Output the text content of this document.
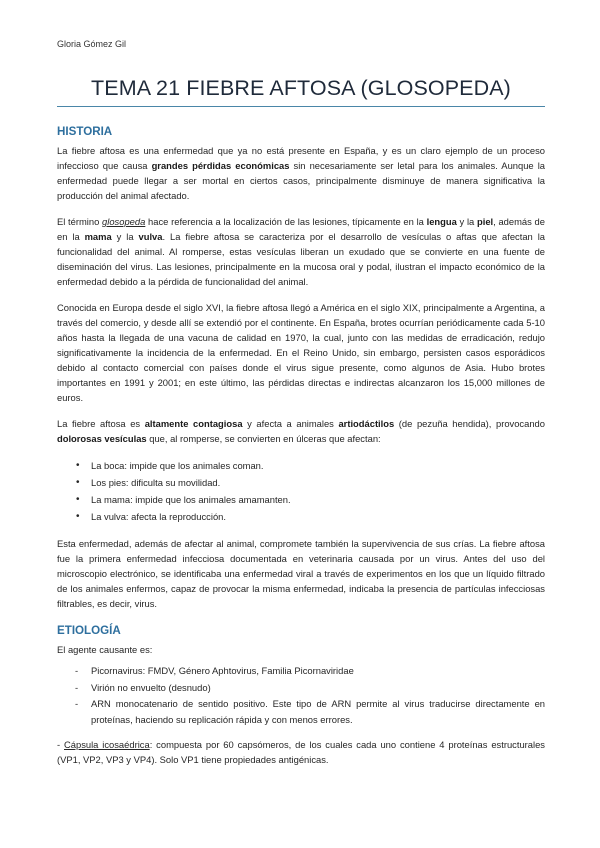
Gloria Gómez Gil
TEMA 21 FIEBRE AFTOSA (GLOSOPEDA)
HISTORIA

La fiebre aftosa es una enfermedad que ya no está presente en España, y es un claro ejemplo de un proceso infeccioso que causa grandes pérdidas económicas sin necesariamente ser letal para los animales. Aunque la enfermedad puede llegar a ser mortal en ciertos casos, principalmente disminuye de manera significativa la producción del animal afectado.

El término glosopeda hace referencia a la localización de las lesiones, típicamente en la lengua y la piel, además de en la mama y la vulva. La fiebre aftosa se caracteriza por el desarrollo de vesículas o aftas que afectan la funcionalidad del animal. Al romperse, estas vesículas liberan un exudado que se convierte en una fuente de diseminación del virus. Las lesiones, principalmente en la mucosa oral y podal, ilustran el impacto económico de la enfermedad debido a la pérdida de funcionalidad del animal.

Conocida en Europa desde el siglo XVI, la fiebre aftosa llegó a América en el siglo XIX, principalmente a Argentina, a través del comercio, y desde allí se extendió por el continente. En España, brotes ocurrían periódicamente cada 5-10 años hasta la llegada de una vacuna de calidad en 1970, la cual, junto con las medidas de erradicación, redujo significativamente la incidencia de la enfermedad. En el Reino Unido, sin embargo, persisten casos esporádicos debido al contacto comercial con países donde el virus sigue presente, como algunos de Asia. Hubo brotes importantes en 1991 y 2001; en este último, las pérdidas directas e indirectas alcanzaron los 15,000 millones de euros.

La fiebre aftosa es altamente contagiosa y afecta a animales artiodáctilos (de pezuña hendida), provocando dolorosas vesículas que, al romperse, se convierten en úlceras que afectan:

• La boca: impide que los animales coman.
• Los pies: dificulta su movilidad.
• La mama: impide que los animales amamanten.
• La vulva: afecta la reproducción.

Esta enfermedad, además de afectar al animal, compromete también la supervivencia de sus crías. La fiebre aftosa fue la primera enfermedad infecciosa documentada en veterinaria causada por un virus. Antes del uso del microscopio electrónico, se identificaba una enfermedad viral a través de experimentos en los que un líquido filtrado de los animales enfermos, capaz de provocar la misma enfermedad, indicaba la presencia de partículas infecciosas filtrables, es decir, virus.

ETIOLOGÍA

El agente causante es:

- Picornavirus: FMDV, Género Aphtovirus, Familia Picornaviridae
- Virión no envuelto (desnudo)
- ARN monocatenario de sentido positivo. Este tipo de ARN permite al virus traducirse directamente en proteínas, haciendo su replicación rápida y con menos errores.

- Cápsula icosaédrica: compuesta por 60 capsómeros, de los cuales cada uno contiene 4 proteínas estructurales (VP1, VP2, VP3 y VP4). Solo VP1 tiene propiedades antigénicas.
